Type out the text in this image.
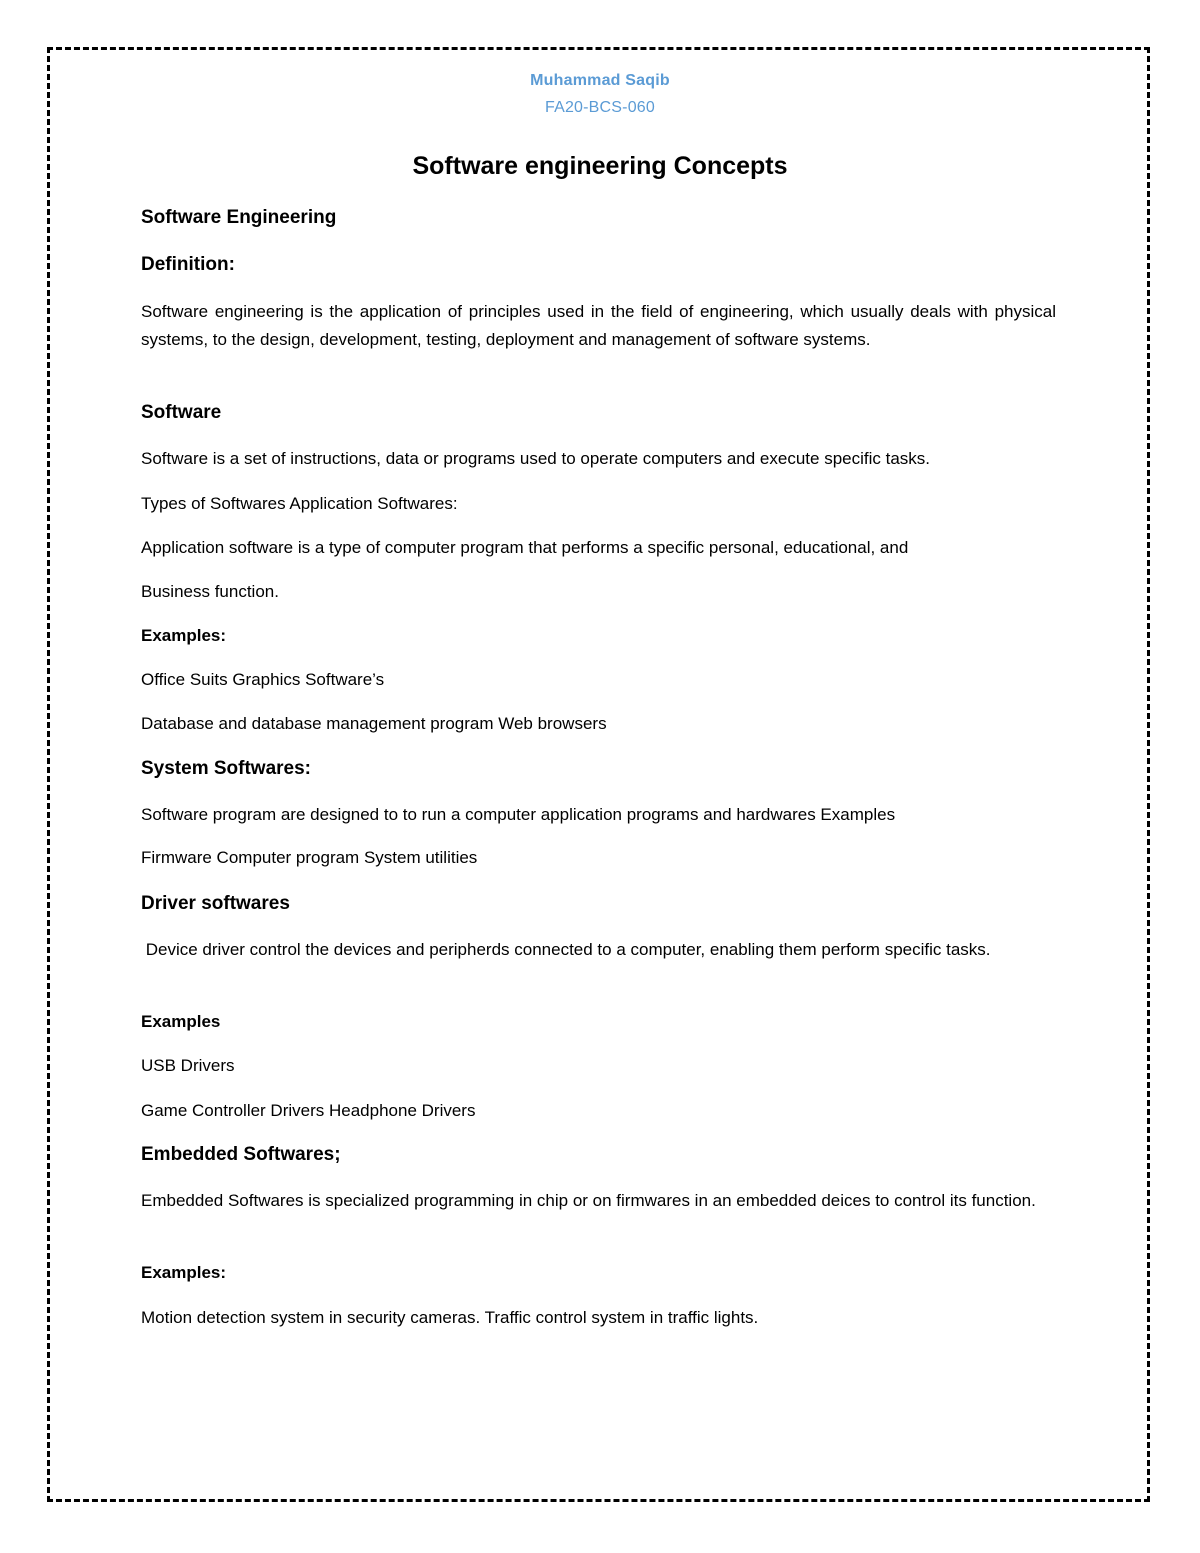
Muhammad Saqib

FA20-BCS-060

Software engineering Concepts
Software Engineering
Definition:

Software engineering is the application of principles used in the field of engineering, which usually deals with physical systems, to the design, development, testing, deployment and management of software systems.

Software

Software is a set of instructions, data or programs used to operate computers and execute specific tasks.

Types of Softwares Application Softwares:

Application software is a type of computer program that performs a specific personal, educational, and

Business function.

Examples:

Office Suits Graphics Software’s

Database and database management program Web browsers

System Softwares:

Software program are designed to to run a computer application programs and hardwares Examples

Firmware Computer program System utilities

Driver softwares

Device driver control the devices and peripherds connected to a computer, enabling them perform specific tasks.

Examples

USB Drivers

Game Controller Drivers Headphone Drivers

Embedded Softwares;

Embedded Softwares is specialized programming in chip or on firmwares in an embedded deices to control its function.

Examples:

Motion detection system in security cameras. Traffic control system in traffic lights.
